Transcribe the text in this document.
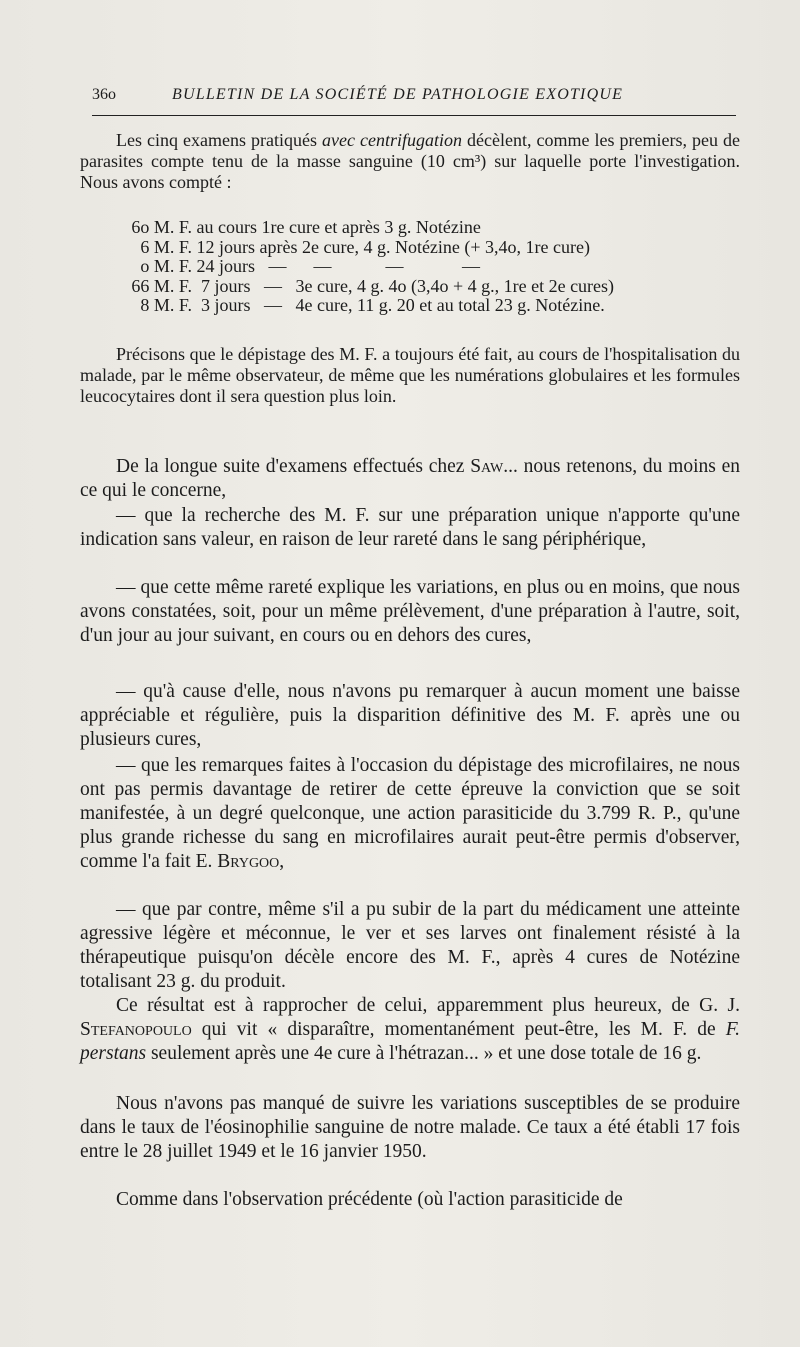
36o	BULLETIN DE LA SOCIÉTÉ DE PATHOLOGIE EXOTIQUE

Les cinq examens pratiqués avec centrifugation décèlent, comme les premiers, peu de parasites compte tenu de la masse sanguine (10 cm³) sur laquelle porte l'investigation. Nous avons compté :

6o M. F. au cours 1re cure et après 3 g. Notézine
6 M. F. 12 jours après 2e cure, 4 g. Notézine (+ 3,4o, 1re cure)
o M. F. 24 jours   —      —            —             —
66 M. F.  7 jours   —   3e cure, 4 g. 4o (3,4o + 4 g., 1re et 2e cures)
8 M. F.  3 jours   —   4e cure, 11 g. 20 et au total 23 g. Notézine.

Précisons que le dépistage des M. F. a toujours été fait, au cours de l'hospitalisation du malade, par le même observateur, de même que les numérations globulaires et les formules leucocytaires dont il sera question plus loin.

De la longue suite d'examens effectués chez Saw... nous retenons, du moins en ce qui le concerne,

— que la recherche des M. F. sur une préparation unique n'apporte qu'une indication sans valeur, en raison de leur rareté dans le sang périphérique,

— que cette même rareté explique les variations, en plus ou en moins, que nous avons constatées, soit, pour un même prélèvement, d'une préparation à l'autre, soit, d'un jour au jour suivant, en cours ou en dehors des cures,

— qu'à cause d'elle, nous n'avons pu remarquer à aucun moment une baisse appréciable et régulière, puis la disparition définitive des M. F. après une ou plusieurs cures,

— que les remarques faites à l'occasion du dépistage des microfilaires, ne nous ont pas permis davantage de retirer de cette épreuve la conviction que se soit manifestée, à un degré quelconque, une action parasiticide du 3.799 R. P., qu'une plus grande richesse du sang en microfilaires aurait peut-être permis d'observer, comme l'a fait E. Brygoo,

— que par contre, même s'il a pu subir de la part du médicament une atteinte agressive légère et méconnue, le ver et ses larves ont finalement résisté à la thérapeutique puisqu'on décèle encore des M. F., après 4 cures de Notézine totalisant 23 g. du produit.

Ce résultat est à rapprocher de celui, apparemment plus heureux, de G. J. Stefanopoulo qui vit « disparaître, momentanément peut-être, les M. F. de F. perstans seulement après une 4e cure à l'hétrazan... » et une dose totale de 16 g.

Nous n'avons pas manqué de suivre les variations susceptibles de se produire dans le taux de l'éosinophilie sanguine de notre malade. Ce taux a été établi 17 fois entre le 28 juillet 1949 et le 16 janvier 1950.

Comme dans l'observation précédente (où l'action parasiticide de
